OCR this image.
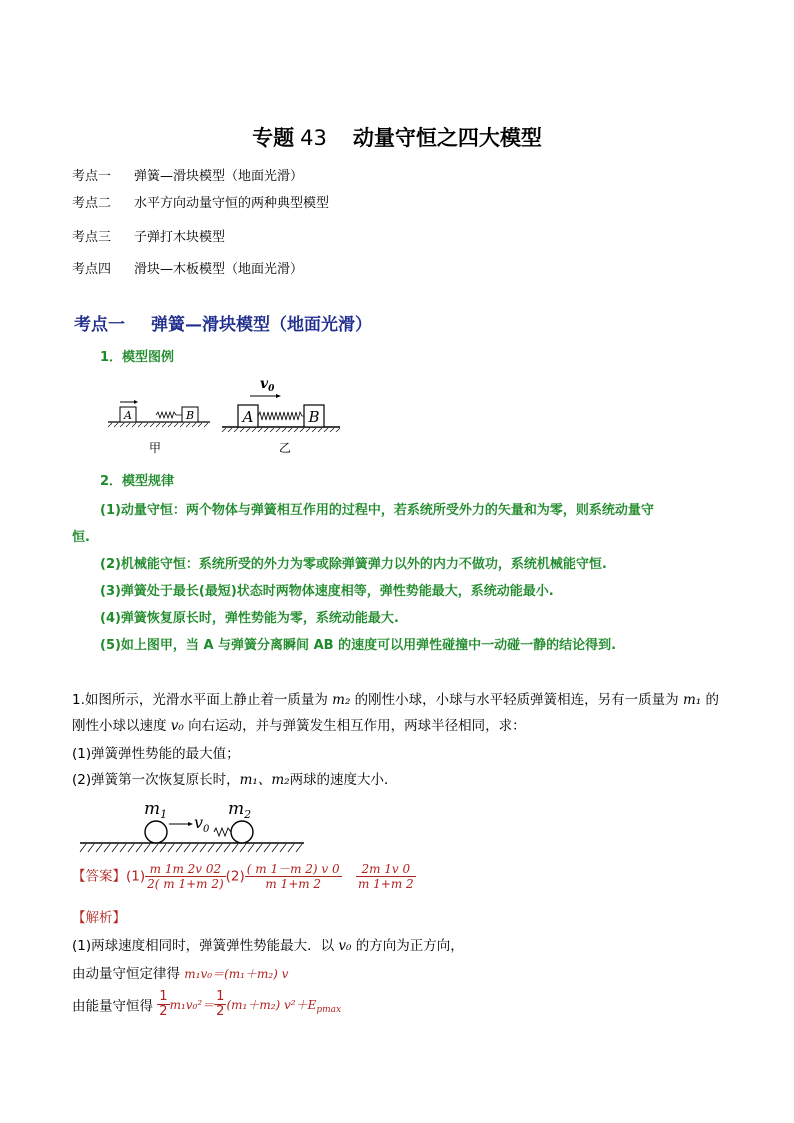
专题 43 动量守恒之四大模型
考点一 弹簧—滑块模型（地面光滑）
考点二 水平方向动量守恒的两种典型模型
考点三 子弹打木块模型
考点四 滑块—木板模型（地面光滑）
考点一 弹簧—滑块模型（地面光滑）
1．模型图例
A	B
甲
A	B
$v_0$
乙
2．模型规律
(1)动量守恒：两个物体与弹簧相互作用的过程中，若系统所受外力的矢量和为零，则系统动量守
恒.
(2)机械能守恒：系统所受的外力为零或除弹簧弹力以外的内力不做功，系统机械能守恒.
(3)弹簧处于最长(最短)状态时两物体速度相等，弹性势能最大，系统动能最小.
(4)弹簧恢复原长时，弹性势能为零，系统动能最大.
(5)如上图甲，当 A 与弹簧分离瞬间 AB 的速度可以用弹性碰撞中一动碰一静的结论得到.
1.如图所示，光滑水平面上静止着一质量为 m₂ 的刚性小球，小球与水平轻质弹簧相连，另有一质量为 m₁ 的
刚性小球以速度 v₀ 向右运动，并与弹簧发生相互作用，两球半径相同，求：
(1)弹簧弹性势能的最大值；
(2)弹簧第一次恢复原长时，m₁、m₂两球的速度大小．
$m_1$ $v_0$
$m_2$
【答案】$(1) \frac{m 1m 2v 02}{2( m 1+m 2)} (2) \frac{( m 1-m 2) v 0}{m 1+m 2}$
$\frac{2m 1v 0}{m 1+m 2}$
【解析】
(1)两球速度相同时，弹簧弹性势能最大．以 v₀ 的方向为正方向，
由动量守恒定律得 m₁v₀＝(m₁＋m₂) v
由能量守恒得 $\frac{1}{2} m_1v_0^2= \frac{1}{2} (m_1+m_2)$ $v^2+E_{pmax}$
